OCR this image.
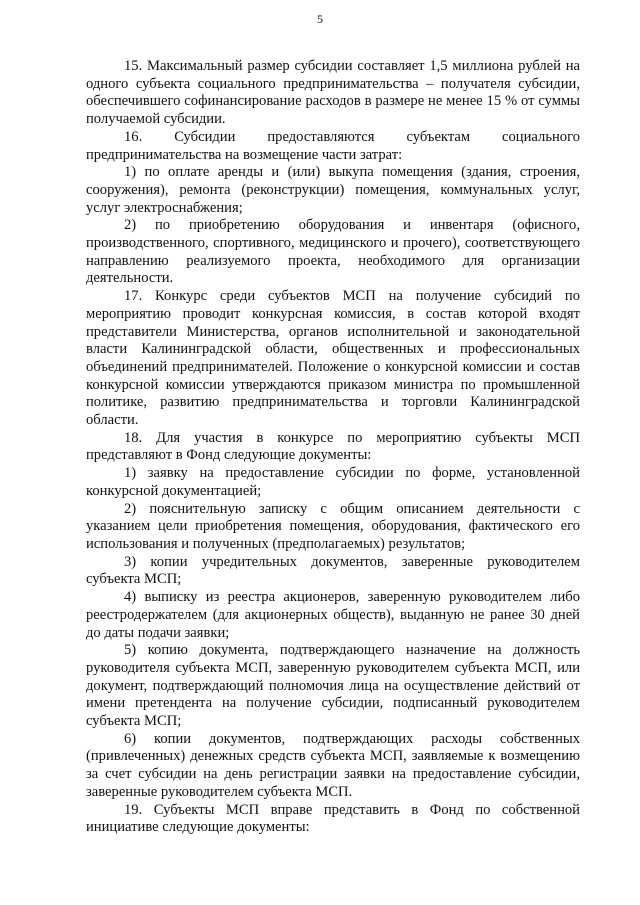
5

15. Максимальный размер субсидии составляет 1,5 миллиона рублей на одного субъекта социального предпринимательства – получателя субсидии, обеспечившего софинансирование расходов в размере не менее 15 % от суммы получаемой субсидии.

16. Субсидии предоставляются субъектам социального предпринимательства на возмещение части затрат:

1) по оплате аренды и (или) выкупа помещения (здания, строения, сооружения), ремонта (реконструкции) помещения, коммунальных услуг, услуг электроснабжения;

2) по приобретению оборудования и инвентаря (офисного, производственного, спортивного, медицинского и прочего), соответствующего направлению реализуемого проекта, необходимого для организации деятельности.

17. Конкурс среди субъектов МСП на получение субсидий по мероприятию проводит конкурсная комиссия, в состав которой входят представители Министерства, органов исполнительной и законодательной власти Калининградской области, общественных и профессиональных объединений предпринимателей. Положение о конкурсной комиссии и состав конкурсной комиссии утверждаются приказом министра по промышленной политике, развитию предпринимательства и торговли Калининградской области.

18. Для участия в конкурсе по мероприятию субъекты МСП представляют в Фонд следующие документы:

1) заявку на предоставление субсидии по форме, установленной конкурсной документацией;

2) пояснительную записку с общим описанием деятельности с указанием цели приобретения помещения, оборудования, фактического его использования и полученных (предполагаемых) результатов;

3) копии учредительных документов, заверенные руководителем субъекта МСП;

4) выписку из реестра акционеров, заверенную руководителем либо реестродержателем (для акционерных обществ), выданную не ранее 30 дней до даты подачи заявки;

5) копию документа, подтверждающего назначение на должность руководителя субъекта МСП, заверенную руководителем субъекта МСП, или документ, подтверждающий полномочия лица на осуществление действий от имени претендента на получение субсидии, подписанный руководителем субъекта МСП;

6) копии документов, подтверждающих расходы собственных (привлеченных) денежных средств субъекта МСП, заявляемые к возмещению за счет субсидии на день регистрации заявки на предоставление субсидии, заверенные руководителем субъекта МСП.

19. Субъекты МСП вправе представить в Фонд по собственной инициативе следующие документы:
